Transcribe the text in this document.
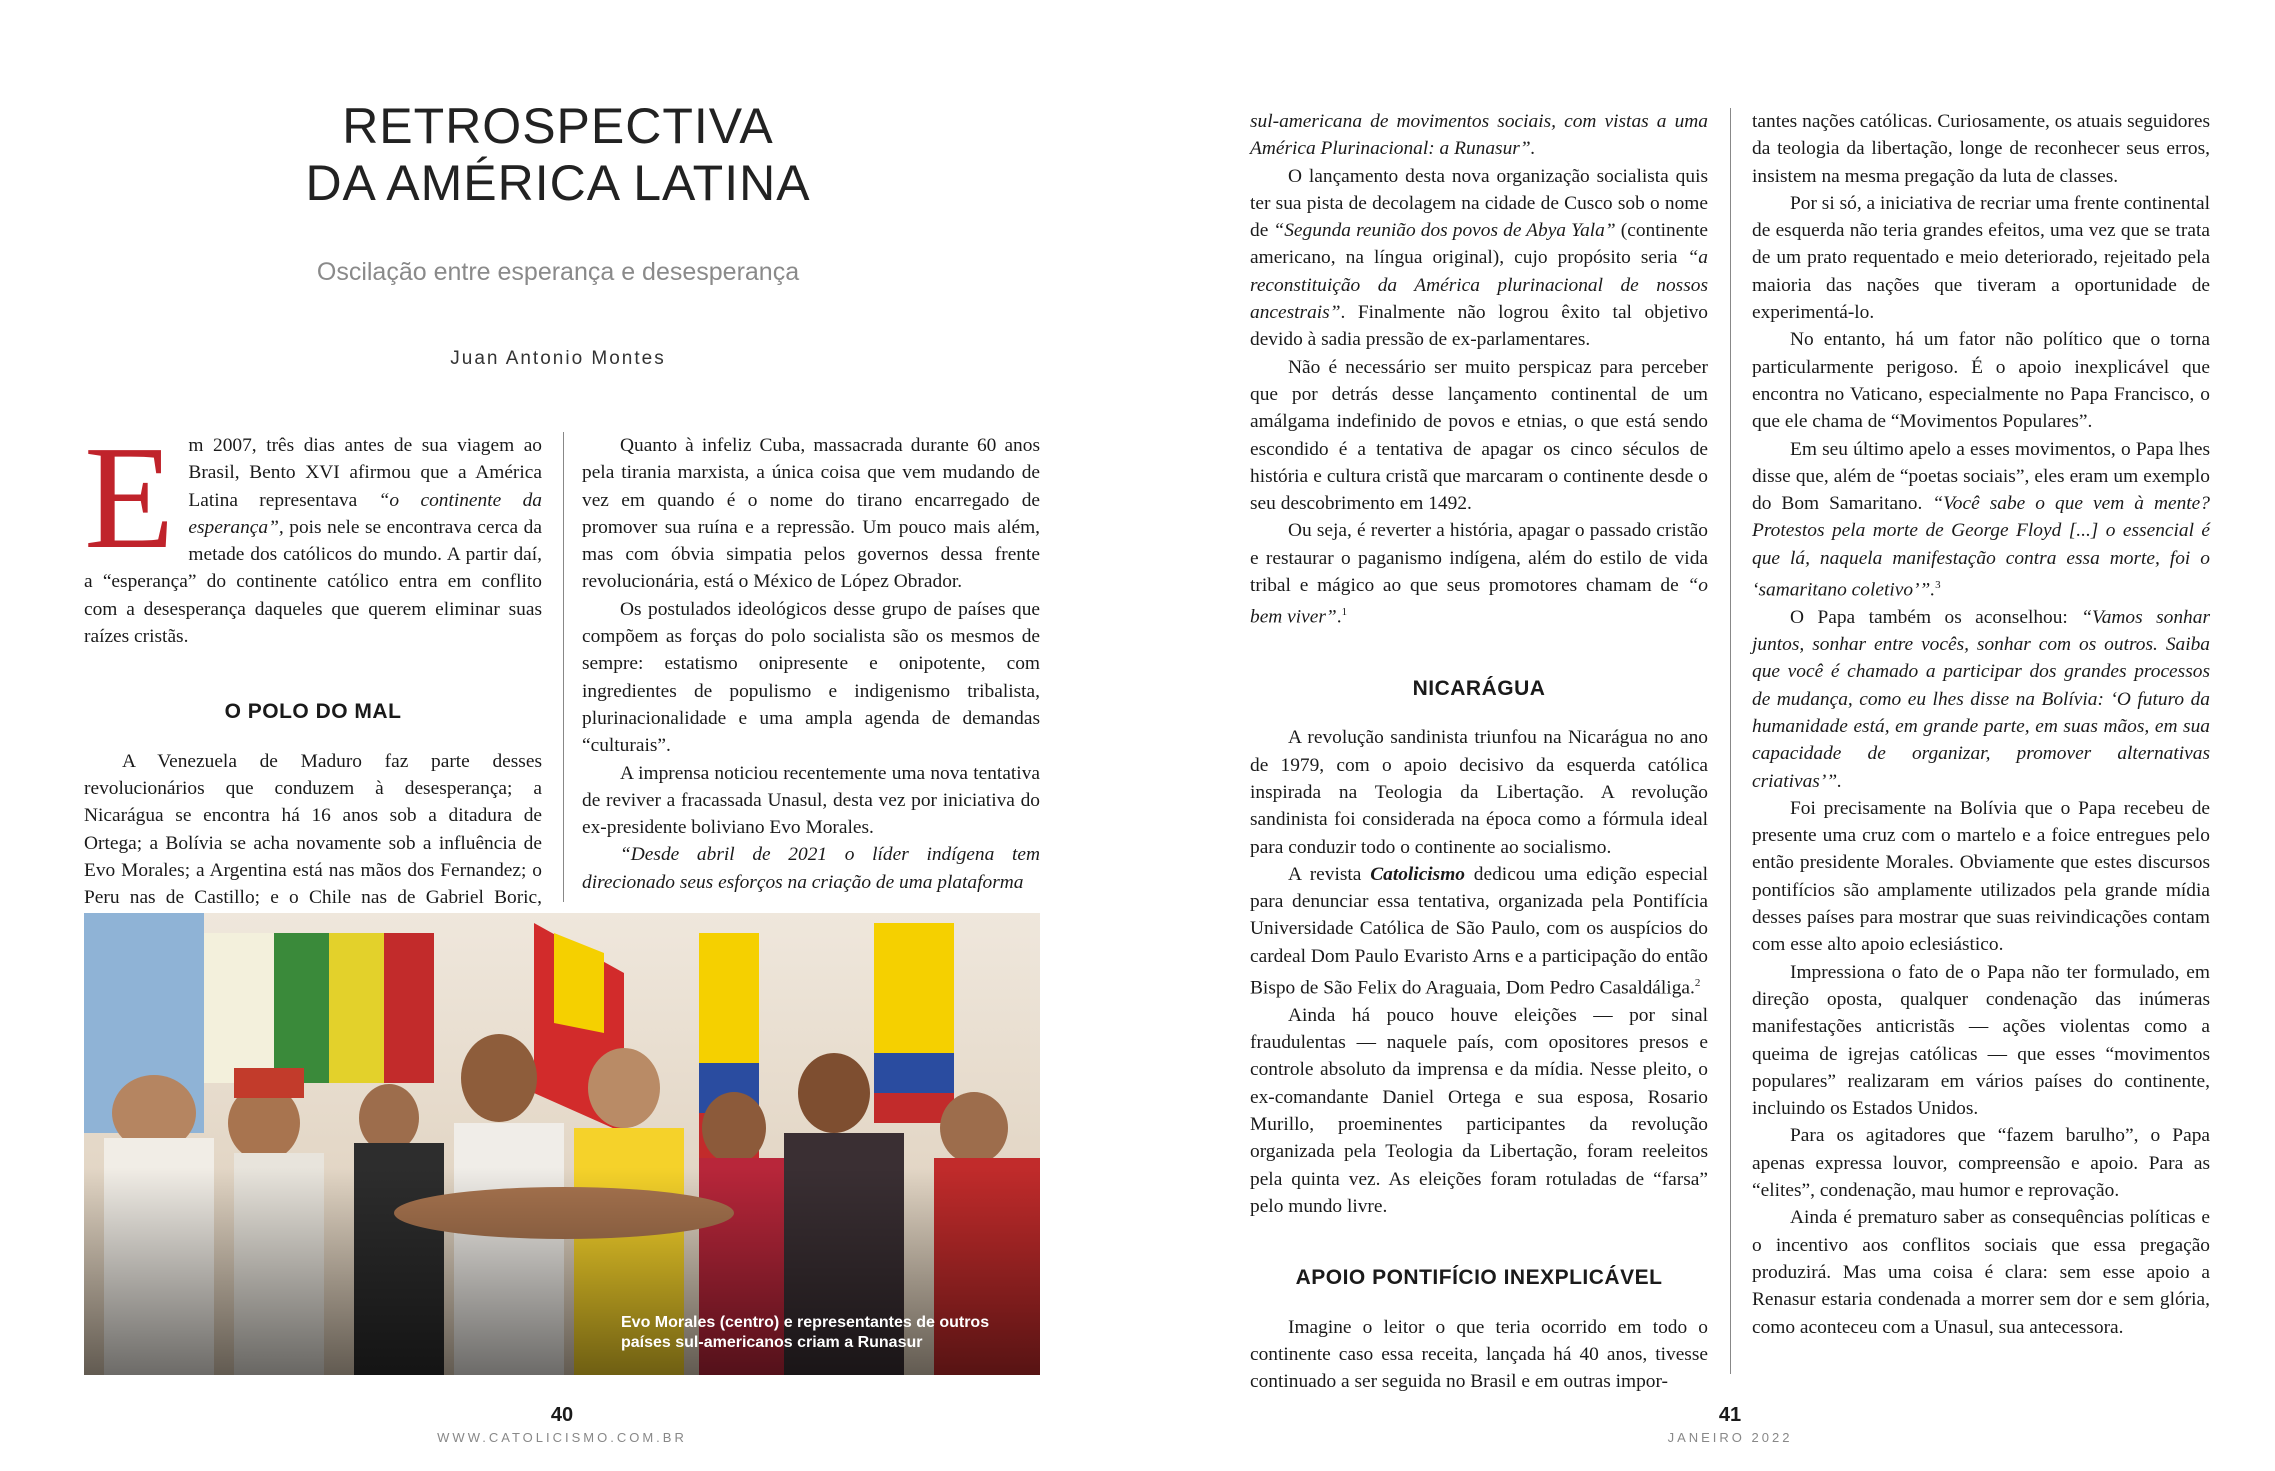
RETROSPECTIVA
DA AMÉRICA LATINA
Oscilação entre esperança e desesperança
Juan Antonio Montes

Em 2007, três dias antes de sua viagem ao Brasil, Bento XVI afirmou que a América Latina representava “o continente da esperança”, pois nele se encontrava cerca da metade dos católicos do mundo. A partir daí, a “esperança” do continente católico entra em conflito com a desesperança daqueles que querem eliminar suas raízes cristãs.

O POLO DO MAL

A Venezuela de Maduro faz parte desses revolucionários que conduzem à desesperança; a Nicarágua se encontra há 16 anos sob a ditadura de Ortega; a Bolívia se acha novamente sob a influência de Evo Morales; a Argentina está nas mãos dos Fernandez; o Peru nas de Castillo; e o Chile nas de Gabriel Boric,

Quanto à infeliz Cuba, massacrada durante 60 anos pela tirania marxista, a única coisa que vem mudando de vez em quando é o nome do tirano encarregado de promover sua ruína e a repressão. Um pouco mais além, mas com óbvia simpatia pelos governos dessa frente revolucionária, está o México de López Obrador.

Os postulados ideológicos desse grupo de países que compõem as forças do polo socialista são os mesmos de sempre: estatismo onipresente e onipotente, com ingredientes de populismo e indigenismo tribalista, plurinacionalidade e uma ampla agenda de demandas “culturais”.

A imprensa noticiou recentemente uma nova tentativa de reviver a fracassada Unasul, desta vez por iniciativa do ex-presidente boliviano Evo Morales.

“Desde abril de 2021 o líder indígena tem direcionado seus esforços na criação de uma plataforma

Evo Morales (centro) e representantes de outros países sul-americanos criam a Runasur

sul-americana de movimentos sociais, com vistas a uma América Plurinacional: a Runasur”.

O lançamento desta nova organização socialista quis ter sua pista de decolagem na cidade de Cusco sob o nome de “Segunda reunião dos povos de Abya Yala” (continente americano, na língua original), cujo propósito seria “a reconstituição da América plurinacional de nossos ancestrais”. Finalmente não logrou êxito tal objetivo devido à sadia pressão de ex-parlamentares.

Não é necessário ser muito perspicaz para perceber que por detrás desse lançamento continental de um amálgama indefinido de povos e etnias, o que está sendo escondido é a tentativa de apagar os cinco séculos de história e cultura cristã que marcaram o continente desde o seu descobrimento em 1492.

Ou seja, é reverter a história, apagar o passado cristão e restaurar o paganismo indígena, além do estilo de vida tribal e mágico ao que seus promotores chamam de “o bem viver”.$^1$

NICARÁGUA

A revolução sandinista triunfou na Nicarágua no ano de 1979, com o apoio decisivo da esquerda católica inspirada na Teologia da Libertação. A revolução sandinista foi considerada na época como a fórmula ideal para conduzir todo o continente ao socialismo.

A revista Catolicismo dedicou uma edição especial para denunciar essa tentativa, organizada pela Pontifícia Universidade Católica de São Paulo, com os auspícios do cardeal Dom Paulo Evaristo Arns e a participação do então Bispo de São Felix do Araguaia, Dom Pedro Casaldáliga.$^2$

Ainda há pouco houve eleições — por sinal fraudulentas — naquele país, com opositores presos e controle absoluto da imprensa e da mídia. Nesse pleito, o ex-comandante Daniel Ortega e sua esposa, Rosario Murillo, proeminentes participantes da revolução organizada pela Teologia da Libertação, foram reeleitos pela quinta vez. As eleições foram rotuladas de “farsa” pelo mundo livre.

APOIO PONTIFÍCIO INEXPLICÁVEL

Imagine o leitor o que teria ocorrido em todo o continente caso essa receita, lançada há 40 anos, tivesse continuado a ser seguida no Brasil e em outras impor-

tantes nações católicas. Curiosamente, os atuais seguidores da teologia da libertação, longe de reconhecer seus erros, insistem na mesma pregação da luta de classes.

Por si só, a iniciativa de recriar uma frente continental de esquerda não teria grandes efeitos, uma vez que se trata de um prato requentado e meio deteriorado, rejeitado pela maioria das nações que tiveram a oportunidade de experimentá-lo.

No entanto, há um fator não político que o torna particularmente perigoso. É o apoio inexplicável que encontra no Vaticano, especialmente no Papa Francisco, o que ele chama de “Movimentos Populares”.

Em seu último apelo a esses movimentos, o Papa lhes disse que, além de “poetas sociais”, eles eram um exemplo do Bom Samaritano. “Você sabe o que vem à mente? Protestos pela morte de George Floyd [...] o essencial é que lá, naquela manifestação contra essa morte, foi o ‘samaritano coletivo’”.$^3$

O Papa também os aconselhou: “Vamos sonhar juntos, sonhar entre vocês, sonhar com os outros. Saiba que você é chamado a participar dos grandes processos de mudança, como eu lhes disse na Bolívia: ‘O futuro da humanidade está, em grande parte, em suas mãos, em sua capacidade de organizar, promover alternativas criativas’”.

Foi precisamente na Bolívia que o Papa recebeu de presente uma cruz com o martelo e a foice entregues pelo então presidente Morales. Obviamente que estes discursos pontifícios são amplamente utilizados pela grande mídia desses países para mostrar que suas reivindicações contam com esse alto apoio eclesiástico.

Impressiona o fato de o Papa não ter formulado, em direção oposta, qualquer condenação das inúmeras manifestações anticristãs — ações violentas como a queima de igrejas católicas — que esses “movimentos populares” realizaram em vários países do continente, incluindo os Estados Unidos.

Para os agitadores que “fazem barulho”, o Papa apenas expressa louvor, compreensão e apoio. Para as “elites”, condenação, mau humor e reprovação.

Ainda é prematuro saber as consequências políticas e o incentivo aos conflitos sociais que essa pregação produzirá. Mas uma coisa é clara: sem esse apoio a Renasur estaria condenada a morrer sem dor e sem glória, como aconteceu com a Unasul, sua antecessora.

40
WWW.CATOLICISMO.COM.BR
41
JANEIRO 2022
